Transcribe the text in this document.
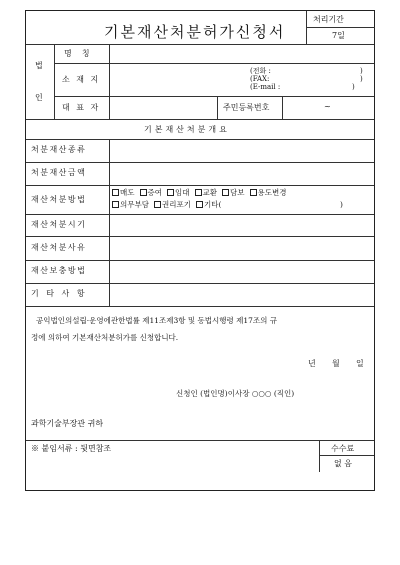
기본재산처분허가신청서
처리기간
7일
법
인
명    칭
소 재 지
(전화 :
(FAX:
(E-mail :
)
)
)
대 표 자	주민등록번호	~
기본재산처분개요
처분재산종류
처분재산금액
재산처분방법
재산처분시기
재산처분사유
재산보충방법
기 타 사 항
매도 증여 임대 교환 담보 용도변경
의무부담 권리포기 기타(	)
공익법인의설립·운영에관한법률 제11조제3항 및 동법시행령 제17조의 규
정에 의하여 기본재산처분허가를 신청합니다.
년 월 일
신청인 (법인명)이사장 ○○○ (직인)
과학기술부장관 귀하
※ 붙임서류 : 뒷면참조	수수료
없 음
